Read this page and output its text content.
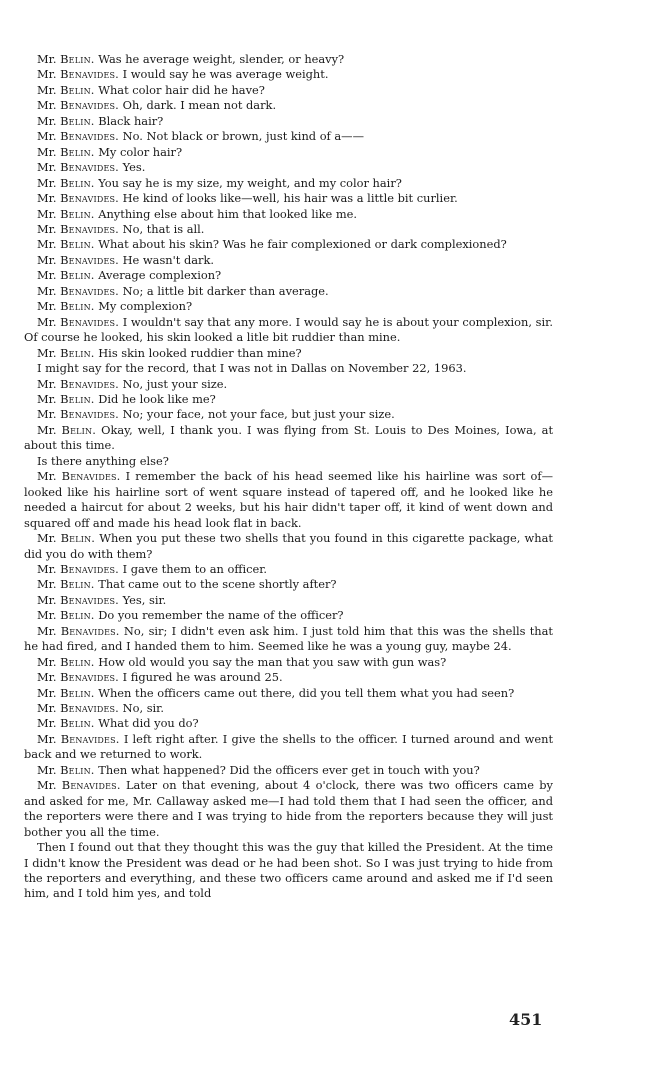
Mr. Belin. Was he average weight, slender, or heavy?

Mr. Benavides. I would say he was average weight.

Mr. Belin. What color hair did he have?

Mr. Benavides. Oh, dark. I mean not dark.

Mr. Belin. Black hair?

Mr. Benavides. No. Not black or brown, just kind of a——

Mr. Belin. My color hair?

Mr. Benavides. Yes.

Mr. Belin. You say he is my size, my weight, and my color hair?

Mr. Benavides. He kind of looks like—well, his hair was a little bit curlier.

Mr. Belin. Anything else about him that looked like me.

Mr. Benavides. No, that is all.

Mr. Belin. What about his skin? Was he fair complexioned or dark complexioned?

Mr. Benavides. He wasn't dark.

Mr. Belin. Average complexion?

Mr. Benavides. No; a little bit darker than average.

Mr. Belin. My complexion?

Mr. Benavides. I wouldn't say that any more. I would say he is about your complexion, sir. Of course he looked, his skin looked a litle bit ruddier than mine.

Mr. Belin. His skin looked ruddier than mine?

I might say for the record, that I was not in Dallas on November 22, 1963.

Mr. Benavides. No, just your size.

Mr. Belin. Did he look like me?

Mr. Benavides. No; your face, not your face, but just your size.

Mr. Belin. Okay, well, I thank you. I was flying from St. Louis to Des Moines, Iowa, at about this time.

Is there anything else?

Mr. Benavides. I remember the back of his head seemed like his hairline was sort of—looked like his hairline sort of went square instead of tapered off, and he looked like he needed a haircut for about 2 weeks, but his hair didn't taper off, it kind of went down and squared off and made his head look flat in back.

Mr. Belin. When you put these two shells that you found in this cigarette package, what did you do with them?

Mr. Benavides. I gave them to an officer.

Mr. Belin. That came out to the scene shortly after?

Mr. Benavides. Yes, sir.

Mr. Belin. Do you remember the name of the officer?

Mr. Benavides. No, sir; I didn't even ask him. I just told him that this was the shells that he had fired, and I handed them to him. Seemed like he was a young guy, maybe 24.

Mr. Belin. How old would you say the man that you saw with gun was?

Mr. Benavides. I figured he was around 25.

Mr. Belin. When the officers came out there, did you tell them what you had seen?

Mr. Benavides. No, sir.

Mr. Belin. What did you do?

Mr. Benavides. I left right after. I give the shells to the officer. I turned around and went back and we returned to work.

Mr. Belin. Then what happened? Did the officers ever get in touch with you?

Mr. Benavides. Later on that evening, about 4 o'clock, there was two officers came by and asked for me, Mr. Callaway asked me—I had told them that I had seen the officer, and the reporters were there and I was trying to hide from the reporters because they will just bother you all the time.

Then I found out that they thought this was the guy that killed the President. At the time I didn't know the President was dead or he had been shot. So I was just trying to hide from the reporters and everything, and these two officers came around and asked me if I'd seen him, and I told him yes, and told

451
